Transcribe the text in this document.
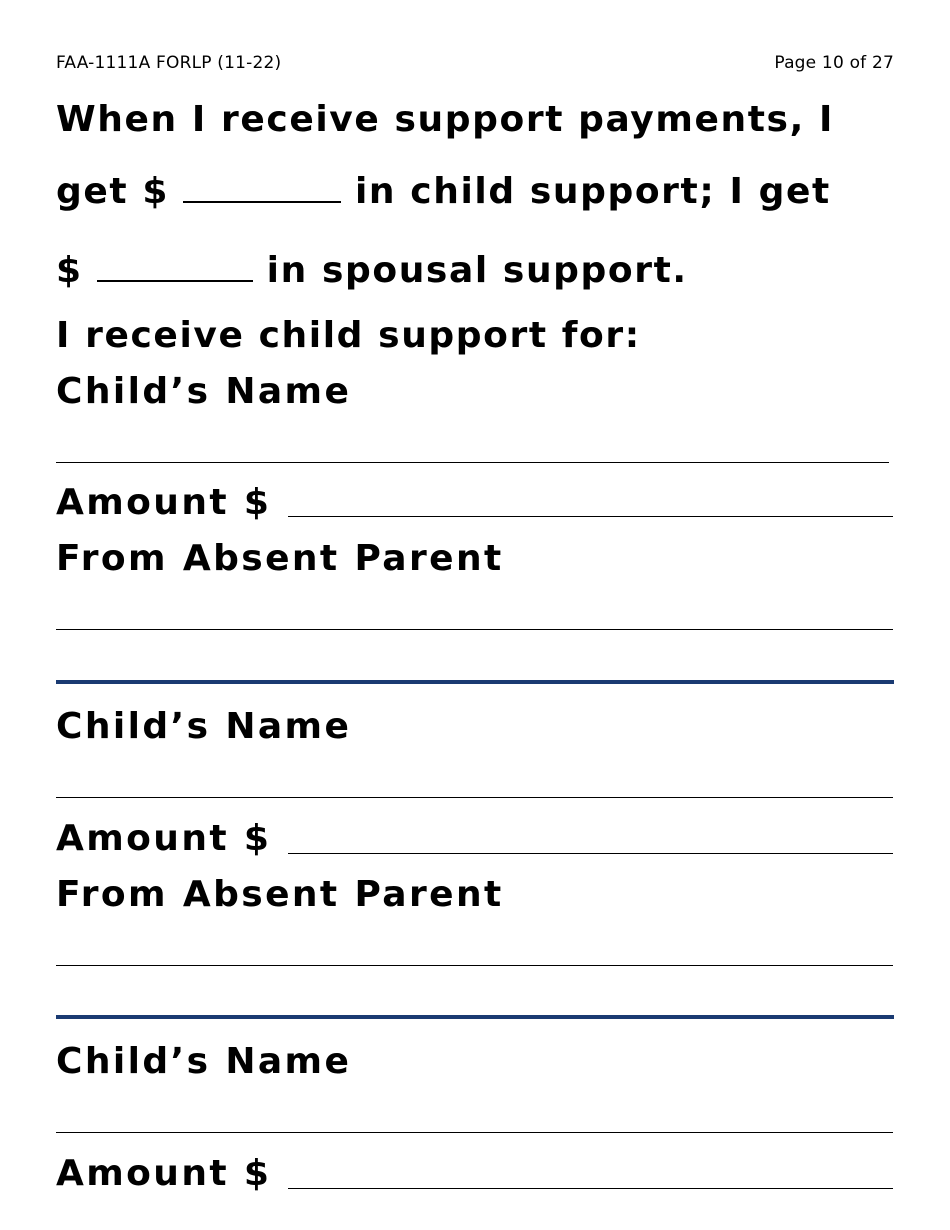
FAA-1111A FORLP (11-22)	Page 10 of 27
When I receive support payments, I
get $	in child support; I get
$	in spousal support.
I receive child support for:
Child’s Name
Amount $
From Absent Parent
Child’s Name
Amount $
From Absent Parent
Child’s Name
Amount $
